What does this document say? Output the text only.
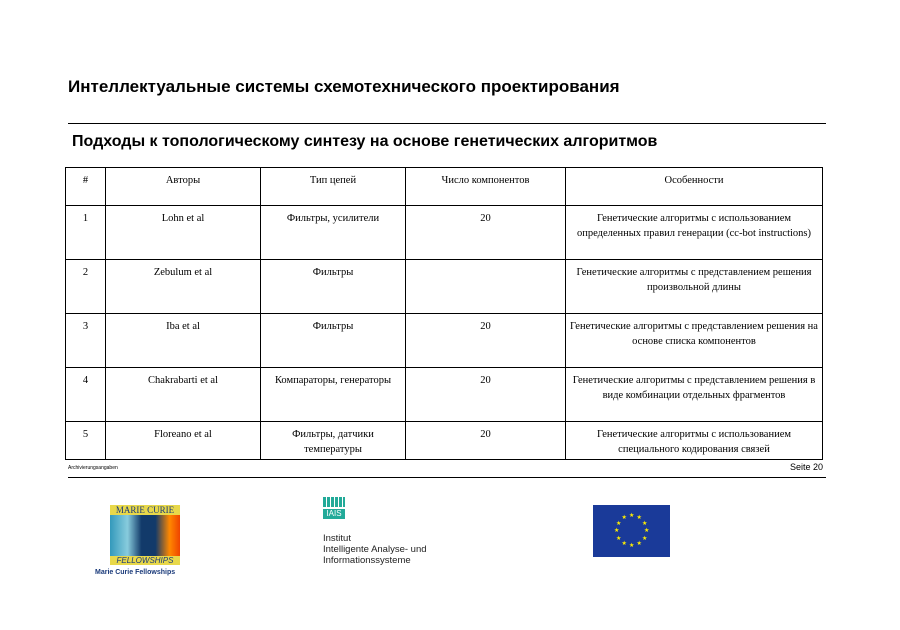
Интеллектуальные системы схемотехнического проектирования
Подходы к топологическому синтезу на основе генетических алгоритмов
#	Авторы	Тип цепей	Число компонентов	Особенности
1	Lohn et al	Фильтры, усилители	20	Генетические алгоритмы с использованием определенных правил генерации (cc-bot instructions)
2	Zebulum et al	Фильтры		Генетические алгоритмы с представлением решения произвольной длины
3	Iba et al	Фильтры	20	Генетические алгоритмы с представлением решения на основе списка компонентов
4	Chakrabarti et al	Компараторы, генераторы	20	Генетические алгоритмы с представлением решения в виде комбинации отдельных фрагментов
5	Floreano et al	Фильтры, датчики температуры	20	Генетические алгоритмы с использованием специального кодирования связей
Archivierungsangaben	Seite 20
MARIE CURIE
FELLOWSHIPS
Marie Curie Fellowships
IAIS
Institut
Intelligente Analyse- und
Informationssysteme
★ ★
★
★
★
★
★
★
★
★
★
★
